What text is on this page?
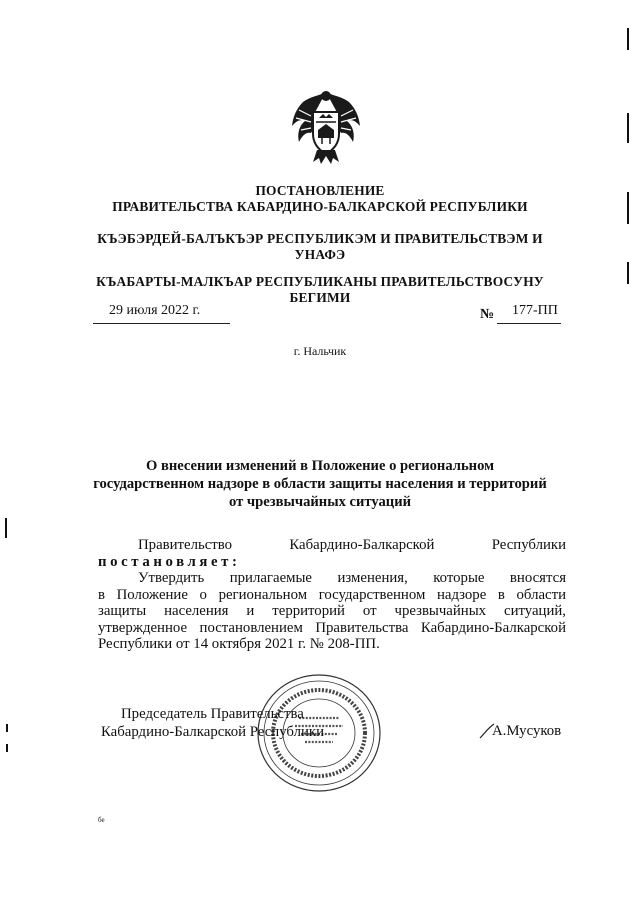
ПОСТАНОВЛЕНИЕ
ПРАВИТЕЛЬСТВА КАБАРДИНО-БАЛКАРСКОЙ РЕСПУБЛИКИ
КЪЭБЭРДЕЙ-БАЛЪКЪЭР РЕСПУБЛИКЭМ И ПРАВИТЕЛЬСТВЭМ И
УНАФЭ
КЪАБАРТЫ-МАЛКЪАР РЕСПУБЛИКАНЫ ПРАВИТЕЛЬСТВОСУНУ
БЕГИМИ
29 июля 2022 г.	№ 177-ПП
г. Нальчик
О внесении изменений в Положение о региональном
государственном надзоре в области защиты населения и территорий
от чрезвычайных ситуаций
Правительство Кабардино-Балкарской Республики
постановляет:
Утвердить прилагаемые изменения, которые вносятся
в Положение о региональном государственном надзоре в области
защиты населения и территорий от чрезвычайных ситуаций,
утвержденное постановлением Правительства Кабардино-Балкарской
Республики от 14 октября 2021 г. № 208-ПП.
Председатель Правительства
Кабардино-Балкарской Республики	А.Мусуков
бе
